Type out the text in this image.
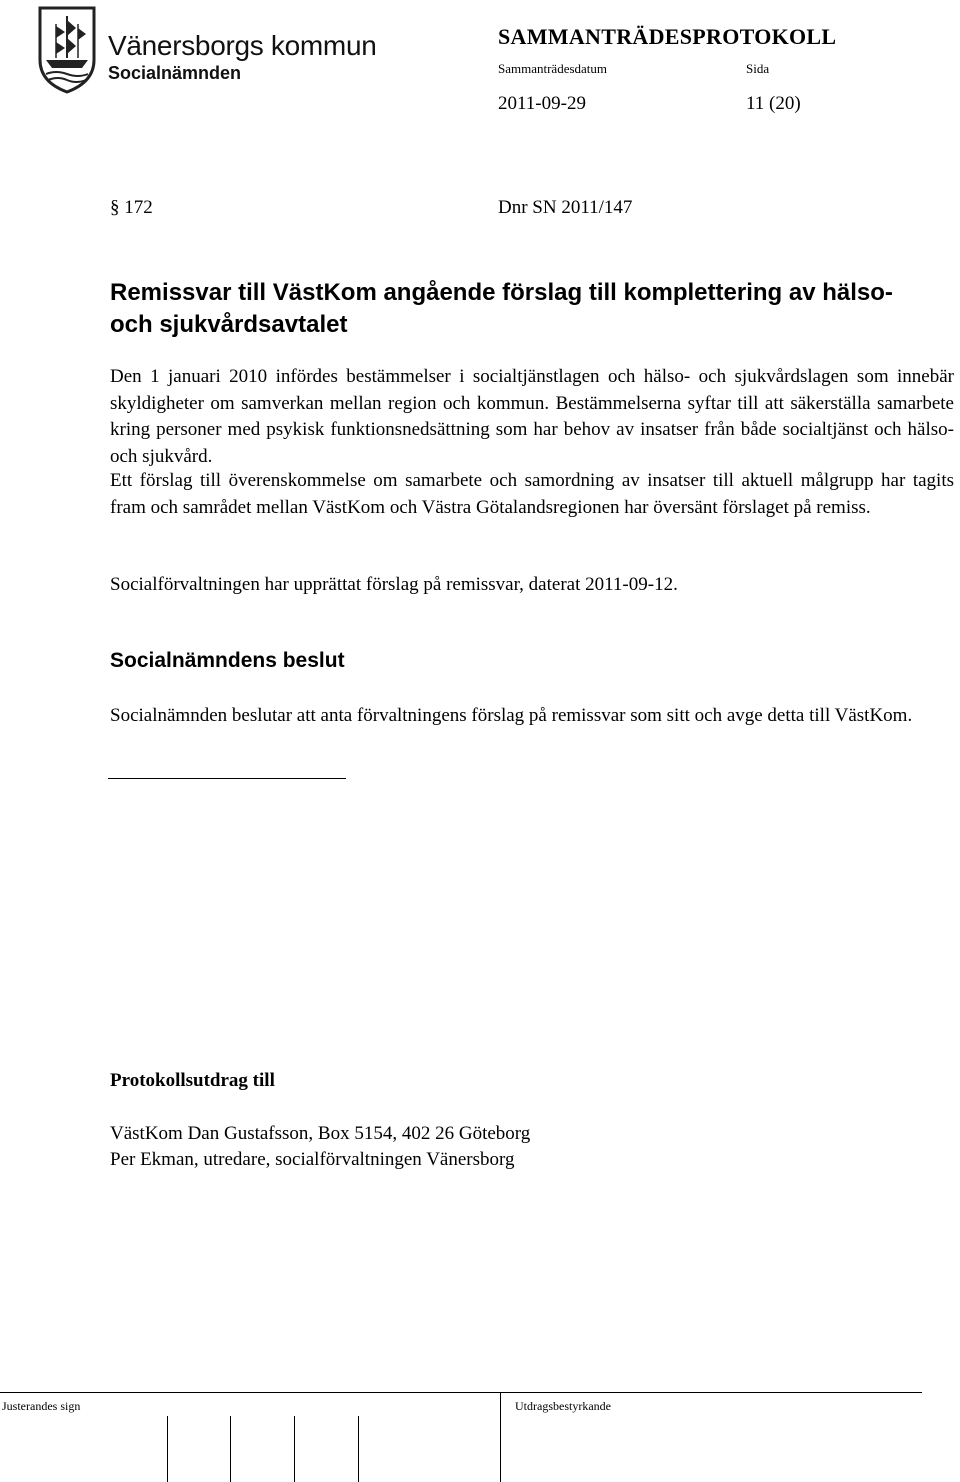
Vänersborgs kommun
Socialnämnden
SAMMANTRÄDESPROTOKOLL
Sammanträdesdatum	Sida
2011-09-29	11 (20)
§ 172	Dnr SN 2011/147
Remissvar till VästKom angående förslag till komplettering av hälso- och sjukvårdsavtalet

Den 1 januari 2010 infördes bestämmelser i socialtjänstlagen och hälso- och sjukvårdslagen som innebär skyldigheter om samverkan mellan region och kommun. Bestämmelserna syftar till att säkerställa samarbete kring personer med psykisk funktionsnedsättning som har behov av insatser från både socialtjänst och hälso- och sjukvård.

Ett förslag till överenskommelse om samarbete och samordning av insatser till aktuell målgrupp har tagits fram och samrådet mellan VästKom och Västra Götalandsregionen har översänt förslaget på remiss.

Socialförvaltningen har upprättat förslag på remissvar, daterat 2011-09-12.

Socialnämndens beslut

Socialnämnden beslutar att anta förvaltningens förslag på remissvar som sitt och avge detta till VästKom.

Protokollsutdrag till
VästKom Dan Gustafsson, Box 5154, 402 26 Göteborg
Per Ekman, utredare, socialförvaltningen Vänersborg
Justerandes sign	Utdragsbestyrkande
